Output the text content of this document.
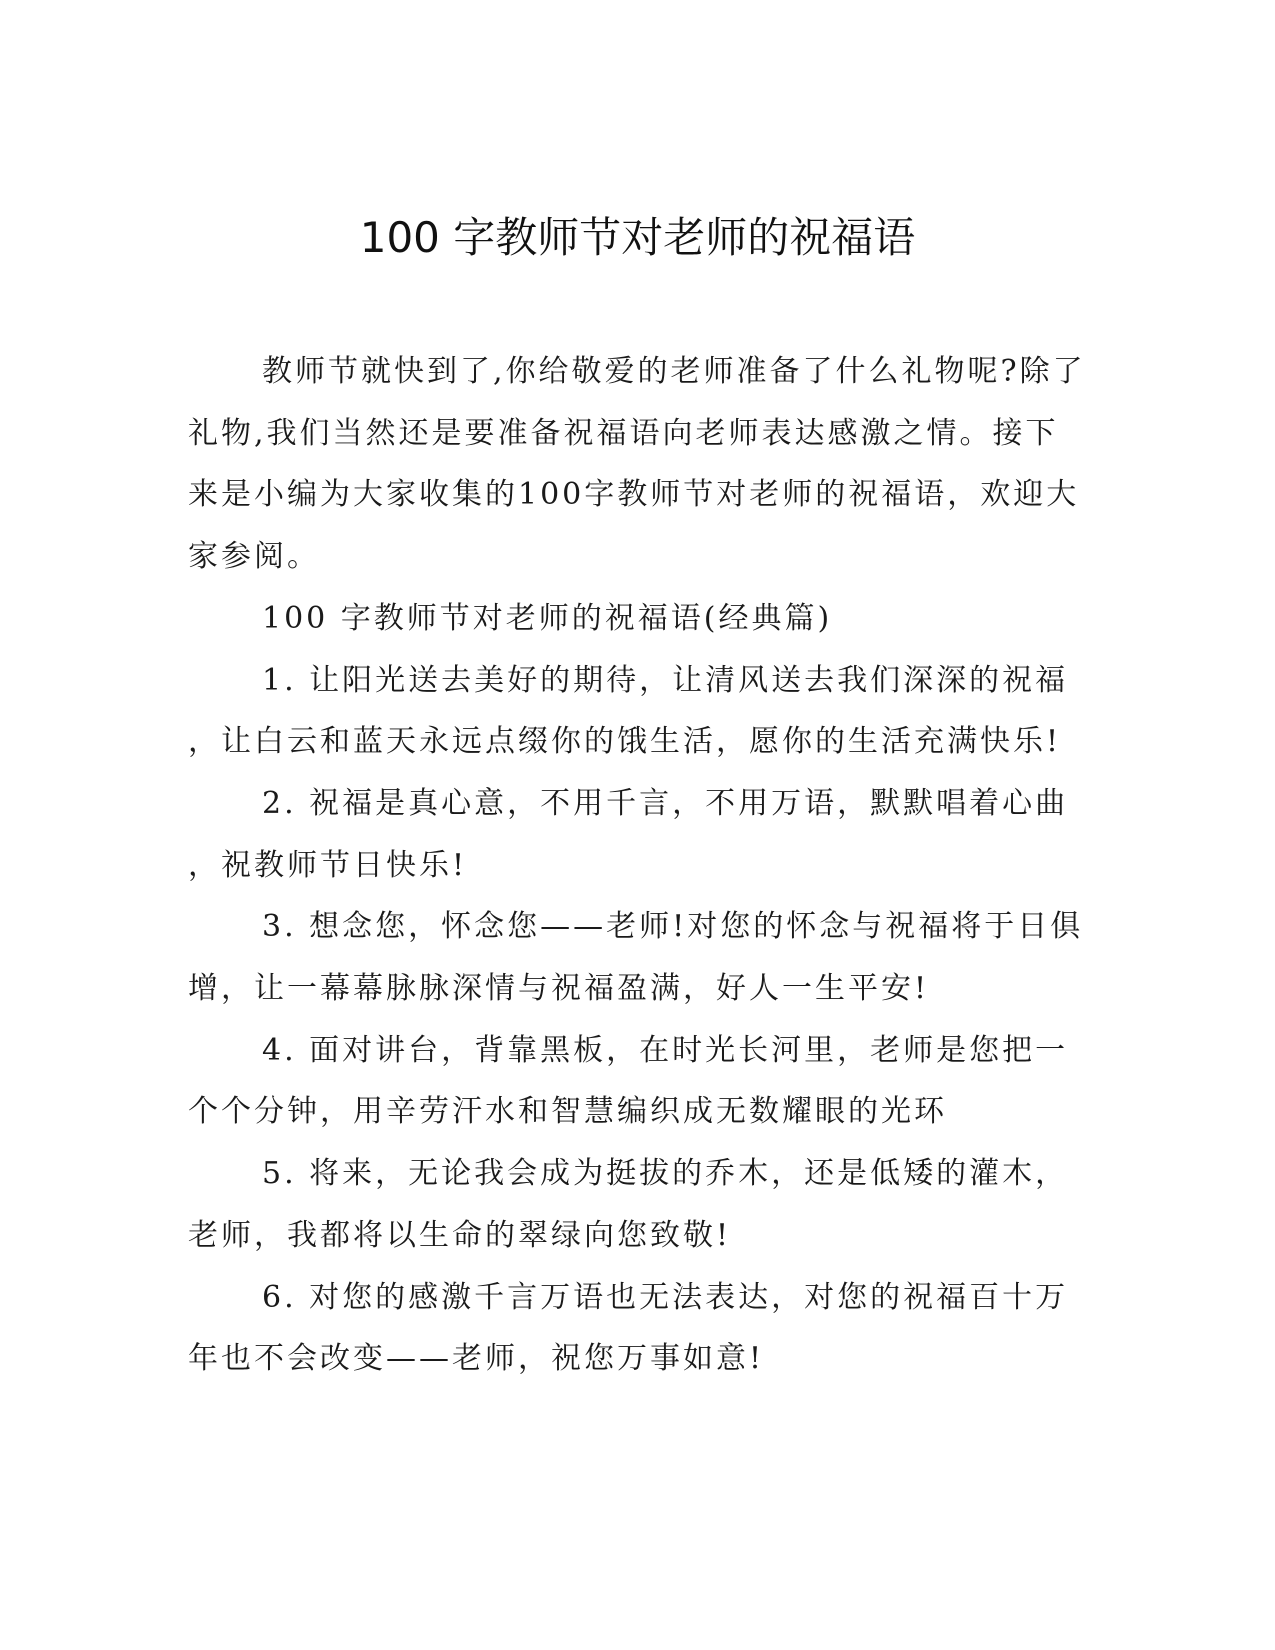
100 字教师节对老师的祝福语

教师节就快到了,你给敬爱的老师准备了什么礼物呢?除了
礼物,我们当然还是要准备祝福语向老师表达感激之情。接下
来是小编为大家收集的100字教师节对老师的祝福语，欢迎大
家参阅。

100 字教师节对老师的祝福语(经典篇)

1. 让阳光送去美好的期待，让清风送去我们深深的祝福
，让白云和蓝天永远点缀你的饿生活，愿你的生活充满快乐!

2. 祝福是真心意，不用千言，不用万语，默默唱着心曲
，祝教师节日快乐!

3. 想念您，怀念您——老师!对您的怀念与祝福将于日俱
增，让一幕幕脉脉深情与祝福盈满，好人一生平安!

4. 面对讲台，背靠黑板，在时光长河里，老师是您把一
个个分钟，用辛劳汗水和智慧编织成无数耀眼的光环

5. 将来，无论我会成为挺拔的乔木，还是低矮的灌木，
老师，我都将以生命的翠绿向您致敬!

6. 对您的感激千言万语也无法表达，对您的祝福百十万
年也不会改变——老师，祝您万事如意!
